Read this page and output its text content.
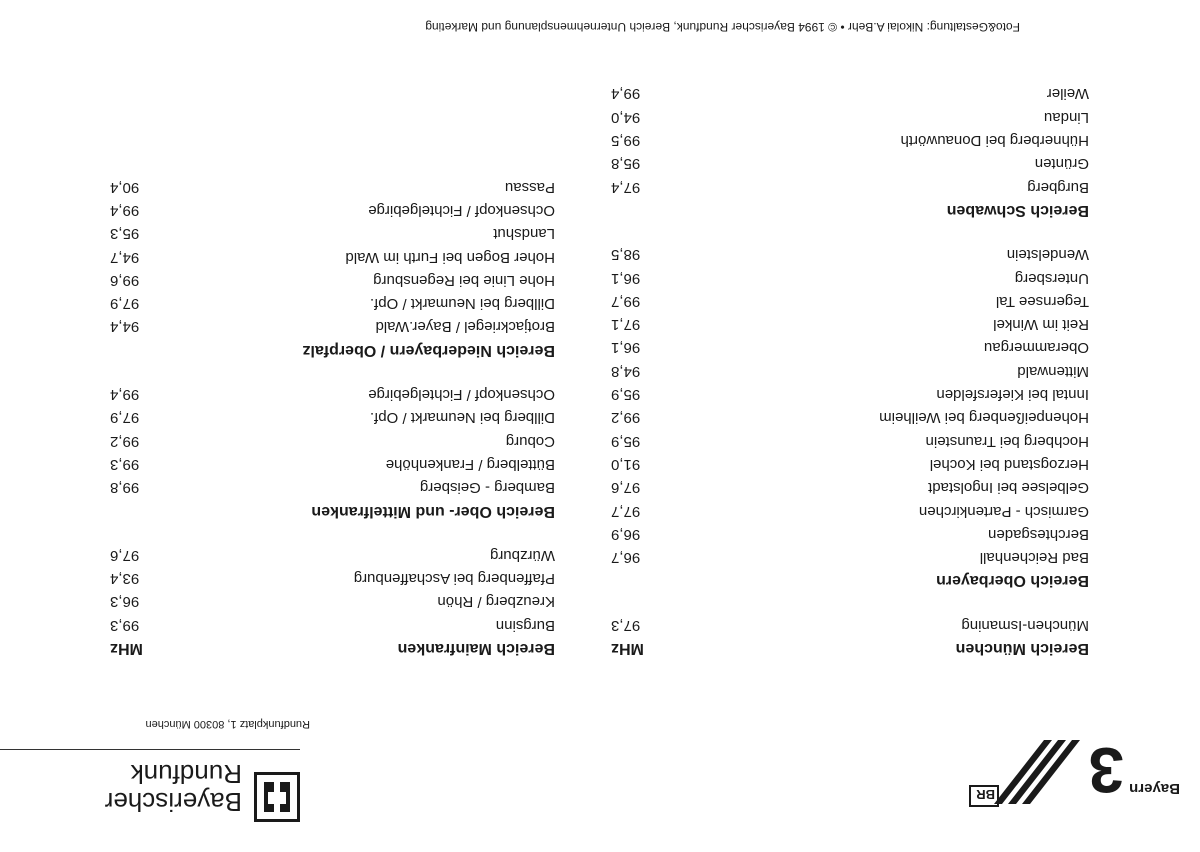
Bayerischer
Rundfunk
Rundfunkplatz 1, 80300 München
Bayern
3
BR
Bereich Mainfranken
MHz
Burgsinn
99,3
Kreuzberg / Rhön
96,3
Pfaffenberg bei Aschaffenburg
93,4
Würzburg
97,6
Bereich Ober- und Mittelfranken
Bamberg - Geisberg
99,8
Büttelberg / Frankenhöhe
99,3
Coburg
99,2
Dillberg bei Neumarkt / Opf.
97,9
Ochsenkopf / Fichtelgebirge
99,4
Bereich Niederbayern / Oberpfalz
Brotjackriegel / Bayer.Wald
94,4
Dillberg bei Neumarkt / Opf.
97,9
Hohe Linie bei Regensburg
99,6
Hoher Bogen bei Furth im Wald
94,7
Landshut
95,3
Ochsenkopf / Fichtelgebirge
99,4
Passau
90,4
Bereich München
MHz
München-Ismaning
97,3
Bereich Oberbayern
Bad Reichenhall
96,7
Berchtesgaden
96,9
Garmisch - Partenkirchen
97,7
Gelbelsee bei Ingolstadt
97,6
Herzogstand bei Kochel
91,0
Hochberg bei Traunstein
95,9
Hohenpeißenberg bei Weilheim
99,2
Inntal bei Kiefersfelden
95,9
Mittenwald
94,8
Oberammergau
96,1
Reit im Winkel
97,1
Tegernsee Tal
99,7
Untersberg
96,1
Wendelstein
98,5
Bereich Schwaben
Burgberg
97,4
Grünten
95,8
Hühnerberg bei Donauwörth
99,5
Lindau
94,0
Weiler
99,4
Foto&Gestaltung: Nikolai A.Behr • © 1994 Bayerischer Rundfunk, Bereich Unternehmensplanung und Marketing
